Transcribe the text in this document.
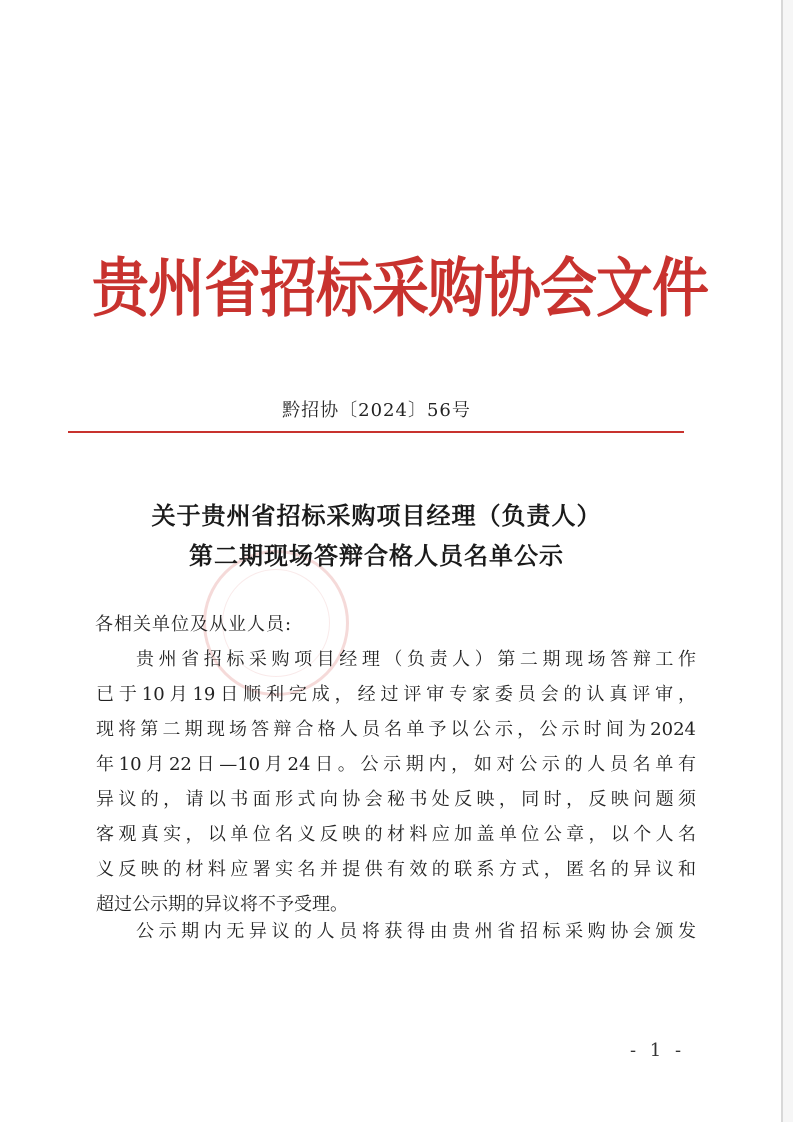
贵州省招标采购协会文件
黔招协〔2024〕56号
关于贵州省招标采购项目经理（负责人）
第二期现场答辩合格人员名单公示
各相关单位及从业人员:
贵州省招标采购项目经理（负责人）第二期现场答辩工作
已于10月19日顺利完成，经过评审专家委员会的认真评审，
现将第二期现场答辩合格人员名单予以公示，公示时间为2024
年10月22日—10月24日。公示期内，如对公示的人员名单有
异议的，请以书面形式向协会秘书处反映，同时，反映问题须
客观真实，以单位名义反映的材料应加盖单位公章，以个人名
义反映的材料应署实名并提供有效的联系方式，匿名的异议和
超过公示期的异议将不予受理。
公示期内无异议的人员将获得由贵州省招标采购协会颁发
- 1 -
